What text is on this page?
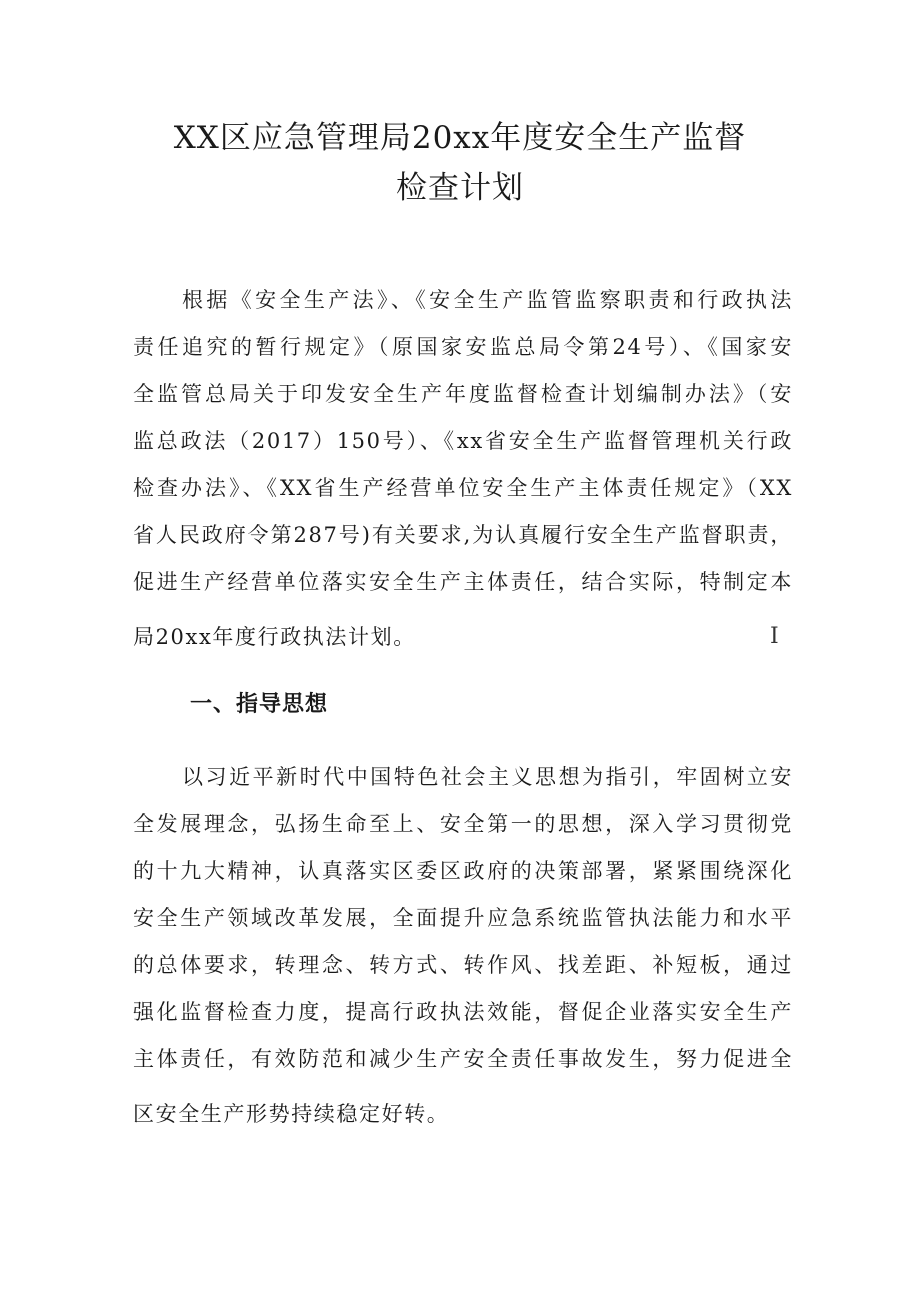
XX区应急管理局20xx年度安全生产监督
检查计划
根据《安全生产法》、《安全生产监管监察职责和行政执法
责任追究的暂行规定》（原国家安监总局令第24号）、《国家安
全监管总局关于印发安全生产年度监督检查计划编制办法》（安
监总政法（2017）150号）、《xx省安全生产监督管理机关行政
检查办法》、《XX省生产经营单位安全生产主体责任规定》（XX
省人民政府令第287号)有关要求,为认真履行安全生产监督职责，
促进生产经营单位落实安全生产主体责任，结合实际，特制定本
局20xx年度行政执法计划。	I
一、指导思想
以习近平新时代中国特色社会主义思想为指引，牢固树立安
全发展理念，弘扬生命至上、安全第一的思想，深入学习贯彻党
的十九大精神，认真落实区委区政府的决策部署，紧紧围绕深化
安全生产领域改革发展，全面提升应急系统监管执法能力和水平
的总体要求，转理念、转方式、转作风、找差距、补短板，通过
强化监督检查力度，提高行政执法效能，督促企业落实安全生产
主体责任，有效防范和减少生产安全责任事故发生，努力促进全
区安全生产形势持续稳定好转。
